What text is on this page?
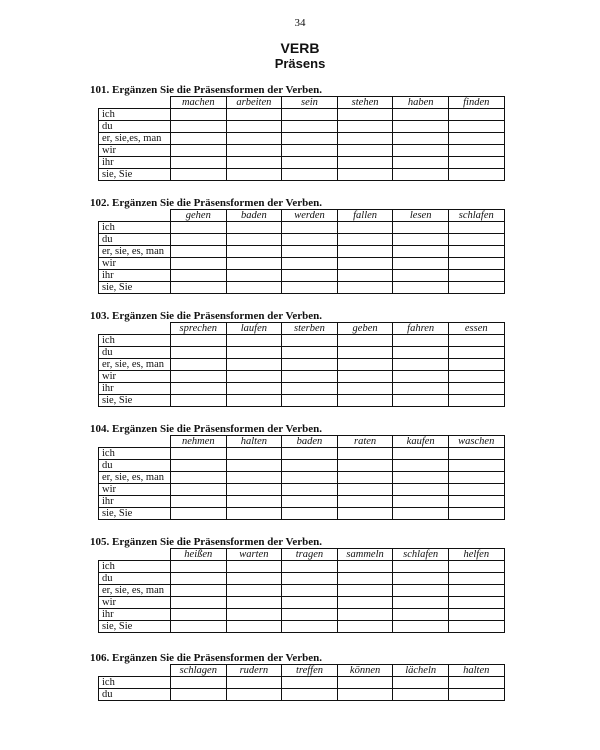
34
VERB
Präsens
101. Ergänzen Sie die Präsensformen der Verben.
	machen	arbeiten	sein	stehen	haben	finden
ich						
du						
er, sie,es, man						
wir						
ihr						
sie, Sie						
102. Ergänzen Sie die Präsensformen der Verben.
	gehen	baden	werden	fallen	lesen	schlafen
ich						
du						
er, sie, es, man						
wir						
ihr						
sie, Sie						
103. Ergänzen Sie die Präsensformen der Verben.
	sprechen	laufen	sterben	geben	fahren	essen
ich						
du						
er, sie, es, man						
wir						
ihr						
sie, Sie						
104. Ergänzen Sie die Präsensformen der Verben.
	nehmen	halten	baden	raten	kaufen	waschen
ich						
du						
er, sie, es, man						
wir						
ihr						
sie, Sie						
105. Ergänzen Sie die Präsensformen der Verben.
	heißen	warten	tragen	sammeln	schlafen	helfen
ich						
du						
er, sie, es, man						
wir						
ihr						
sie, Sie						
106. Ergänzen Sie die Präsensformen der Verben.
	schlagen	rudern	treffen	können	lächeln	halten
ich						
du						
